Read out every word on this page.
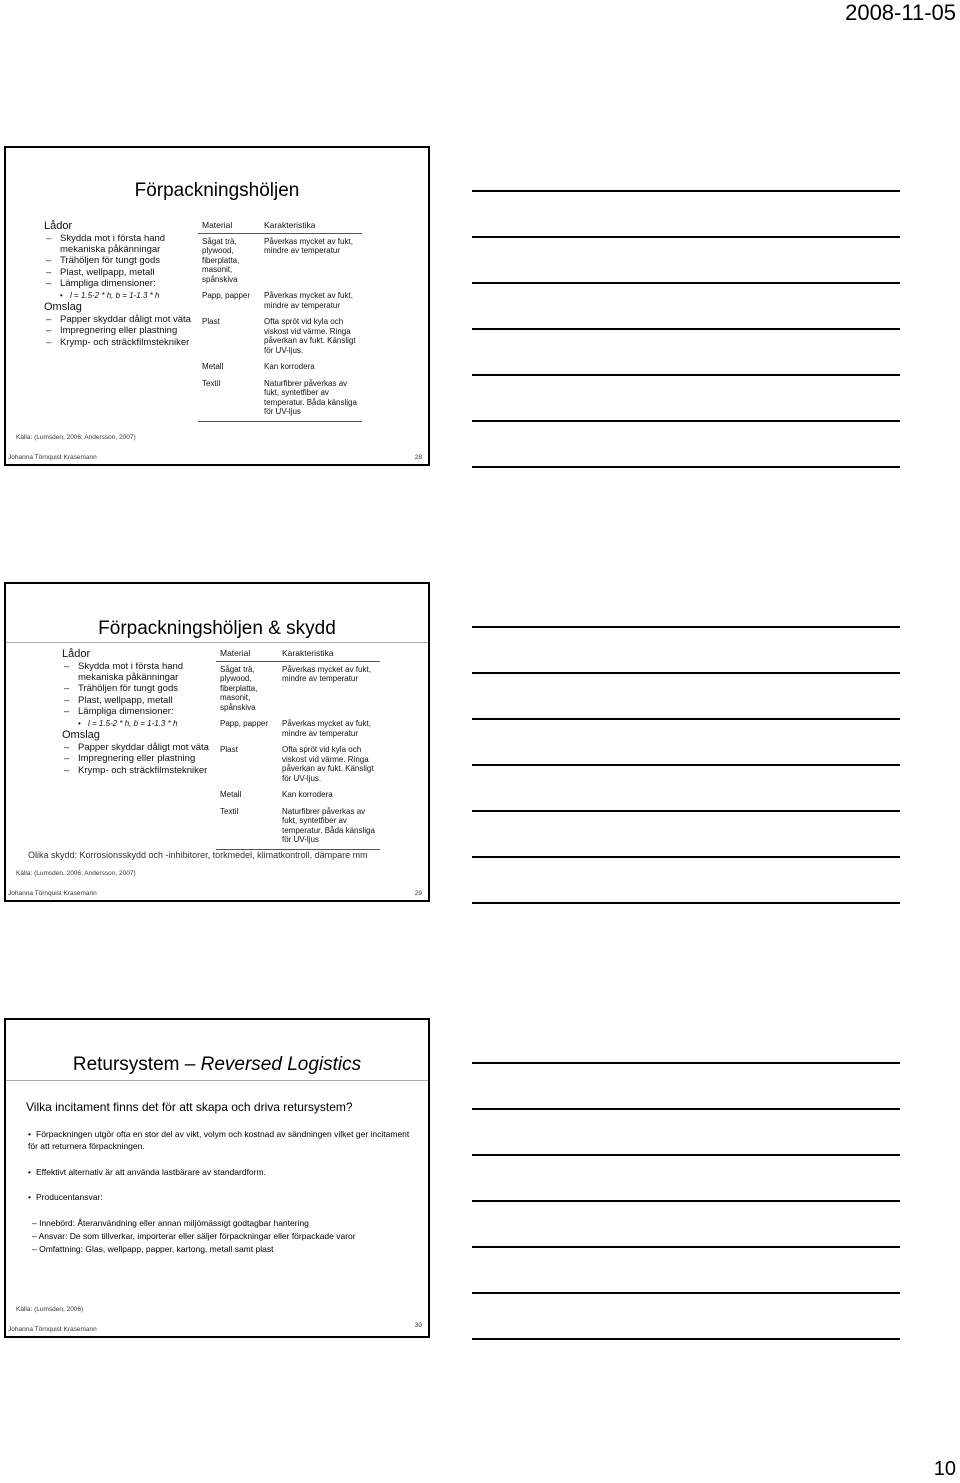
2008-11-05
Förpackningshöljen
Lådor
– Skydda mot i första hand mekaniska påkänningar
– Trähöljen för tungt gods
– Plast, wellpapp, metall
– Lämpliga dimensioner:
• l = 1.5-2 * h, b = 1-1.3 * h
Omslag
– Papper skyddar dåligt mot väta
– Impregnering eller plastning
– Krymp- och sträckfilmstekniker
Material	Karakteristika
Sågat trä, plywood, fiberplatta, masonit, spånskiva	Påverkas mycket av fukt, mindre av temperatur
Papp, papper	Påverkas mycket av fukt, mindre av temperatur
Plast	Ofta spröt vid kyla och viskost vid värme. Ringa påverkan av fukt. Känsligt för UV-ljus.
Metall	Kan korrodera
Textil	Naturfibrer påverkas av fukt, syntetfiber av temperatur. Båda känsliga för UV-ljus
Källa: (Lumsden, 2006; Andersson, 2007)
Johanna Törnquist Krasemann	28
Förpackningshöljen & skydd
Lådor
– Skydda mot i första hand mekaniska påkänningar
– Trähöljen för tungt gods
– Plast, wellpapp, metall
– Lämpliga dimensioner:
• l = 1.5-2 * h, b = 1-1.3 * h
Omslag
– Papper skyddar dåligt mot väta
– Impregnering eller plastning
– Krymp- och sträckfilmstekniker
Material	Karakteristika
Sågat trä, plywood, fiberplatta, masonit, spånskiva	Påverkas mycket av fukt, mindre av temperatur
Papp, papper	Påverkas mycket av fukt, mindre av temperatur
Plast	Ofta spröt vid kyla och viskost vid värme. Ringa påverkan av fukt. Känsligt för UV-ljus.
Metall	Kan korrodera
Textil	Naturfibrer påverkas av fukt, syntetfiber av temperatur. Båda känsliga för UV-ljus
Olika skydd: Korrosionsskydd och -inhibitorer, torkmedel, klimatkontroll, dämpare mm
Källa: (Lumsden, 2006; Andersson, 2007)
Johanna Törnquist Krasemann	29
Retursystem – Reversed Logistics
Vilka incitament finns det för att skapa och driva retursystem?
• Förpackningen utgör ofta en stor del av vikt, volym och kostnad av sändningen vilket ger incitament för att returnera förpackningen.
• Effektivt alternativ är att använda lastbärare av standardform.
• Producentansvar:
– Innebörd: Återanvändning eller annan miljömässigt godtagbar hantering
– Ansvar: De som tillverkar, importerar eller säljer förpackningar eller förpackade varor
– Omfattning: Glas, wellpapp, papper, kartong, metall samt plast
Källa: (Lumsden, 2006)
Johanna Törnquist Krasemann
30
10
